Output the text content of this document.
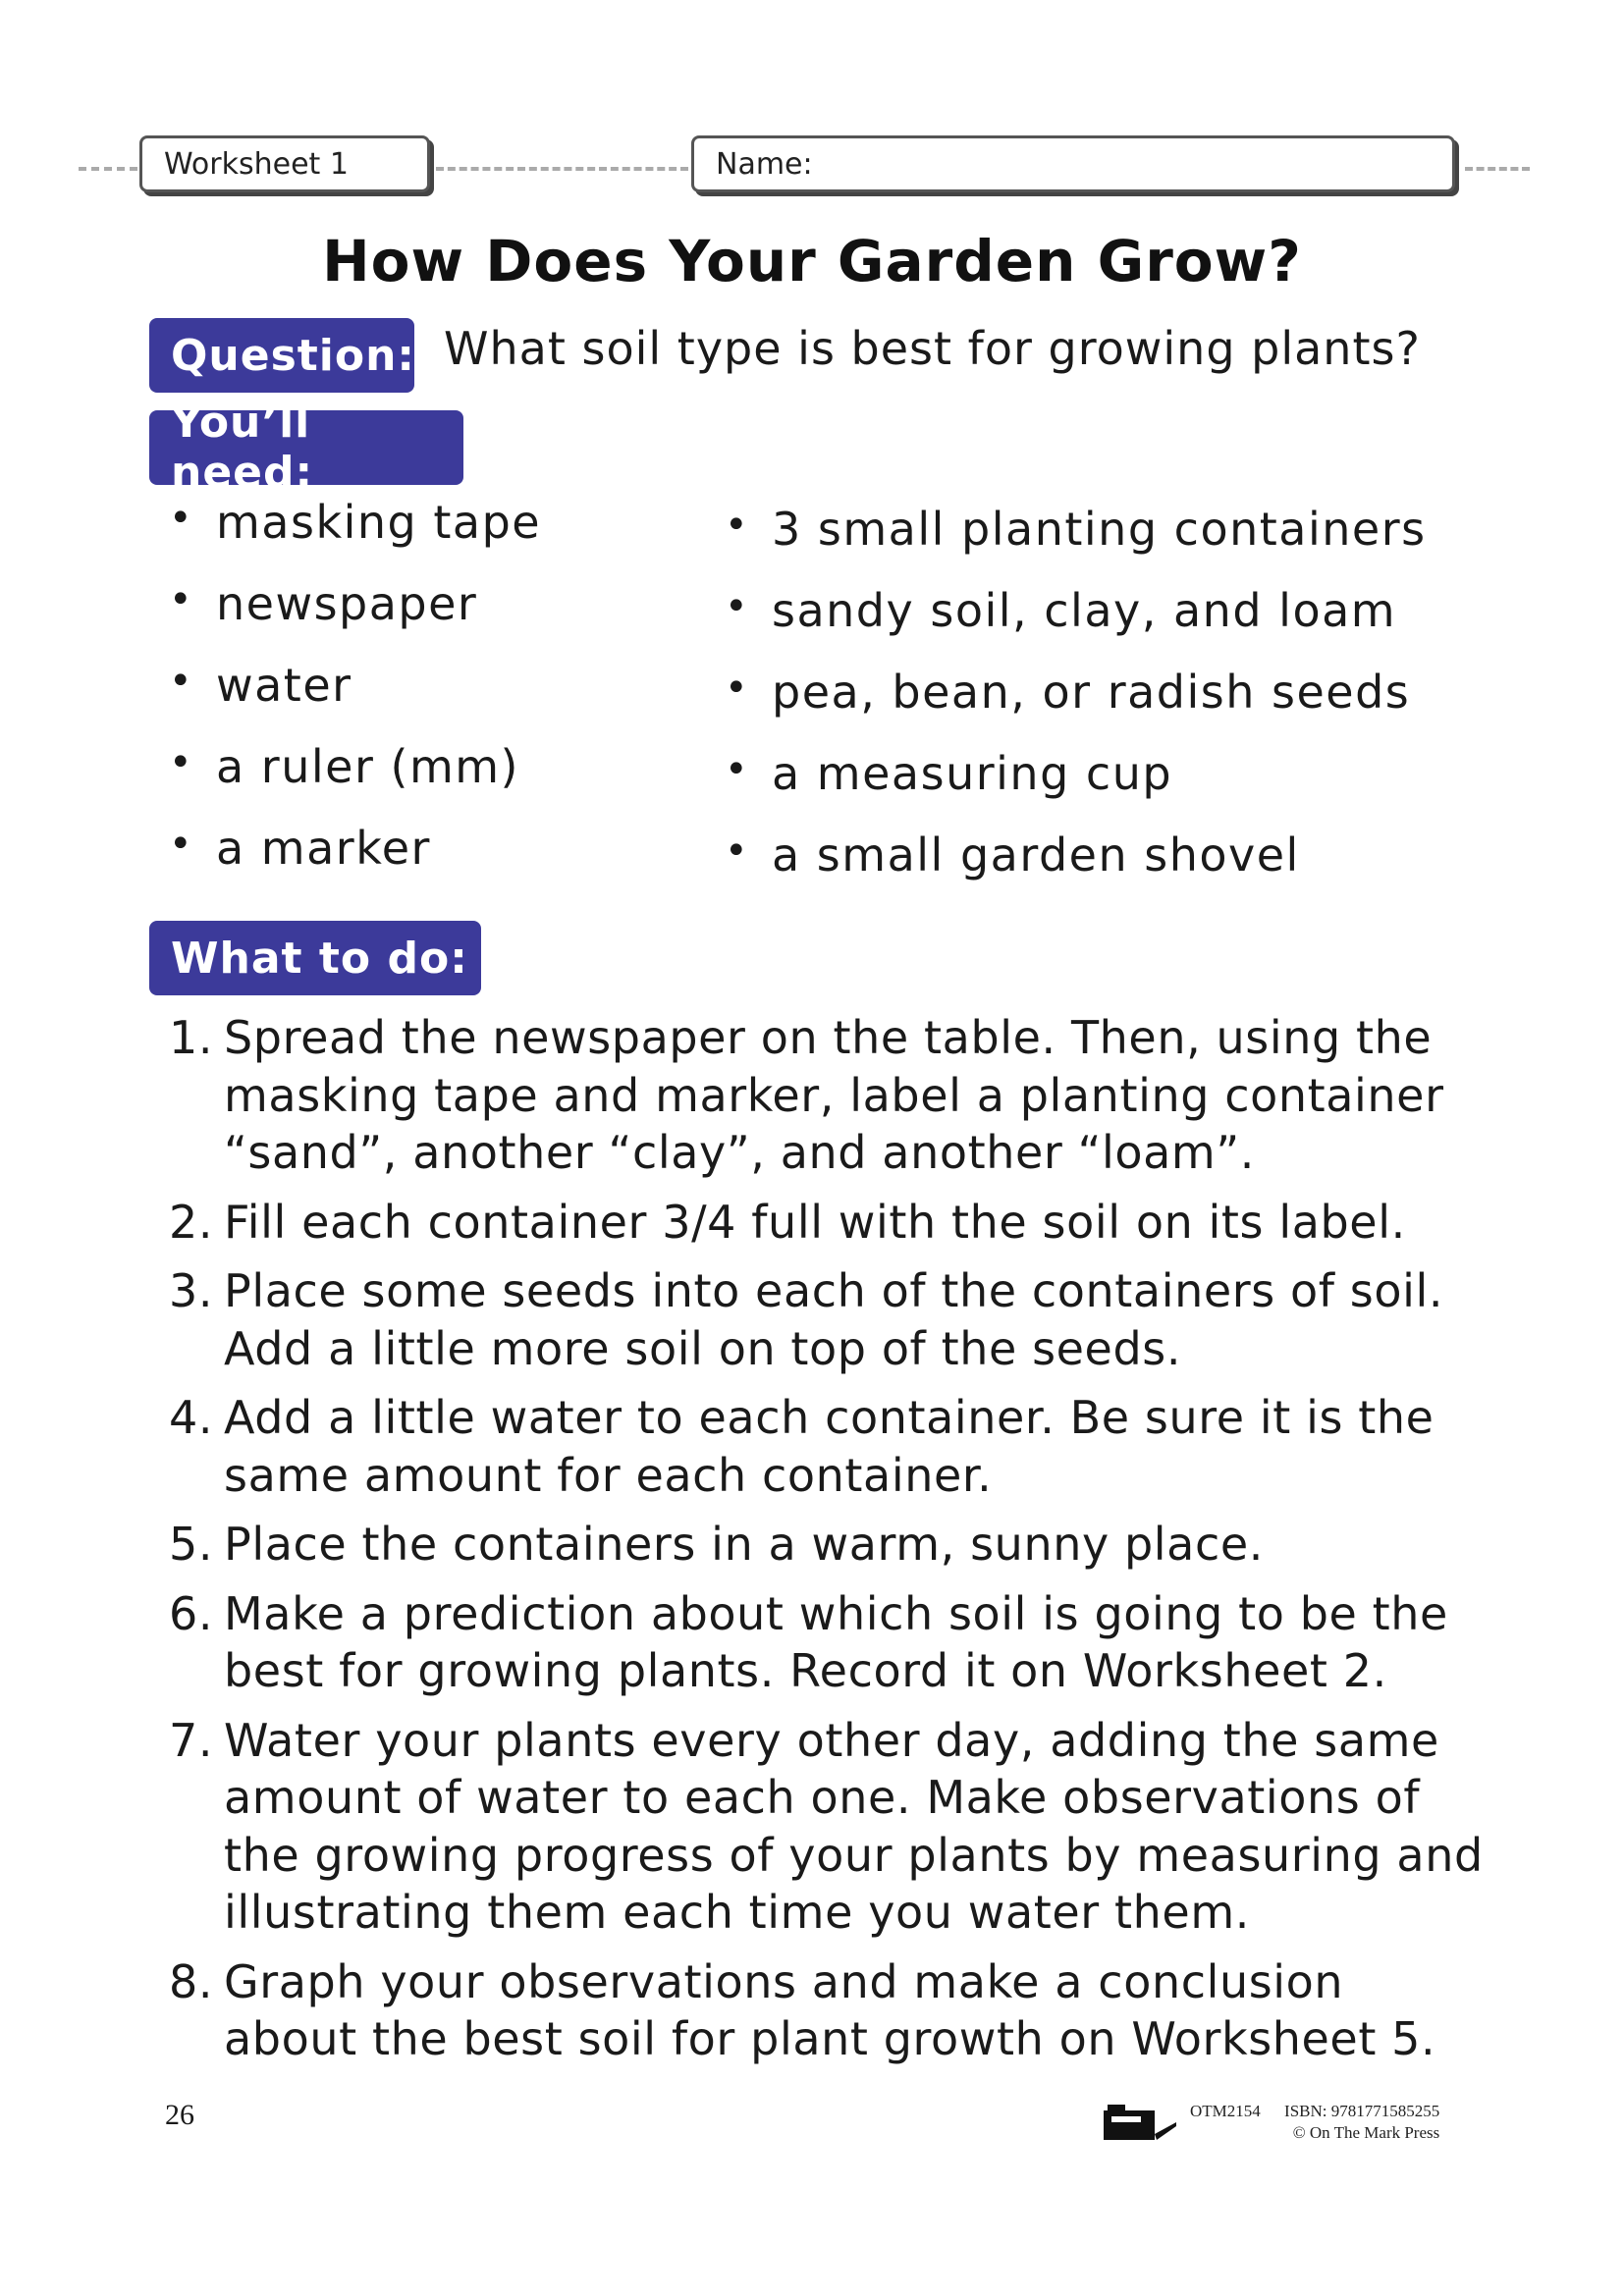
Worksheet 1	Name:
How Does Your Garden Grow?
Question: What soil type is best for growing plants?
You’ll need:
• masking tape
• newspaper
• water
• a ruler (mm)
• a marker
• 3 small planting containers
• sandy soil, clay, and loam
• pea, bean, or radish seeds
• a measuring cup
• a small garden shovel
What to do:
1. Spread the newspaper on the table. Then, using the masking tape and marker, label a planting container “sand”, another “clay”, and another “loam”.
2. Fill each container 3/4 full with the soil on its label.
3. Place some seeds into each of the containers of soil. Add a little more soil on top of the seeds.
4. Add a little water to each container. Be sure it is the same amount for each container.
5. Place the containers in a warm, sunny place.
6. Make a prediction about which soil is going to be the best for growing plants. Record it on Worksheet 2.
7. Water your plants every other day, adding the same amount of water to each one. Make observations of the growing progress of your plants by measuring and illustrating them each time you water them.
8. Graph your observations and make a conclusion about the best soil for plant growth on Worksheet 5.
26	OTM2154 ISBN: 9781771585255
© On The Mark Press
